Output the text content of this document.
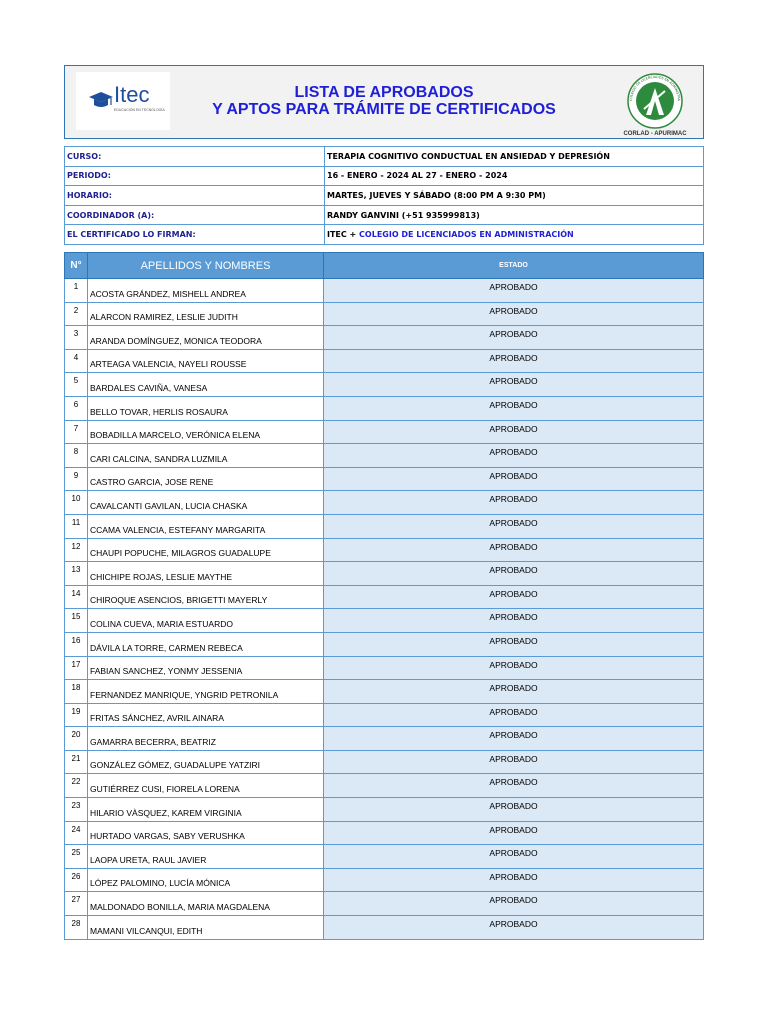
Itec
EDUCACIÓN EN TECNOLOGÍA
LISTA DE APROBADOS
Y APTOS PARA TRÁMITE DE CERTIFICADOS
COLEGIO DE LICENCIADOS EN ADMINISTRA
CORLAD - APURIMAC
CURSO:	TERAPIA COGNITIVO CONDUCTUAL EN ANSIEDAD Y DEPRESIÓN
PERIODO:	16 - ENERO - 2024 AL 27 - ENERO - 2024
HORARIO:	MARTES, JUEVES Y SÁBADO (8:00 PM A 9:30 PM)
COORDINADOR (A):	RANDY GANVINI (+51 935999813)
EL CERTIFICADO LO FIRMAN:	ITEC + COLEGIO DE LICENCIADOS EN ADMINISTRACIÓN
N°	APELLIDOS Y NOMBRES	ESTADO
1	ACOSTA GRÁNDEZ, MISHELL ANDREA	APROBADO
2	ALARCON RAMIREZ, LESLIE JUDITH	APROBADO
3	ARANDA DOMÍNGUEZ, MONICA TEODORA	APROBADO
4	ARTEAGA VALENCIA, NAYELI ROUSSE	APROBADO
5	BARDALES CAVIÑA, VANESA	APROBADO
6	BELLO TOVAR, HERLIS ROSAURA	APROBADO
7	BOBADILLA MARCELO, VERÓNICA ELENA	APROBADO
8	CARI CALCINA, SANDRA LUZMILA	APROBADO
9	CASTRO GARCIA, JOSE RENE	APROBADO
10	CAVALCANTI GAVILAN, LUCIA CHASKA	APROBADO
11	CCAMA VALENCIA, ESTEFANY MARGARITA	APROBADO
12	CHAUPI POPUCHE, MILAGROS GUADALUPE	APROBADO
13	CHICHIPE ROJAS, LESLIE MAYTHE	APROBADO
14	CHIROQUE ASENCIOS, BRIGETTI MAYERLY	APROBADO
15	COLINA CUEVA, MARIA ESTUARDO	APROBADO
16	DÁVILA LA TORRE, CARMEN REBECA	APROBADO
17	FABIAN SANCHEZ, YONMY JESSENIA	APROBADO
18	FERNANDEZ MANRIQUE, YNGRID PETRONILA	APROBADO
19	FRITAS SÁNCHEZ, AVRIL AINARA	APROBADO
20	GAMARRA BECERRA, BEATRIZ	APROBADO
21	GONZÁLEZ GÓMEZ, GUADALUPE YATZIRI	APROBADO
22	GUTIÉRREZ CUSI, FIORELA LORENA	APROBADO
23	HILARIO VÀSQUEZ, KAREM VIRGINIA	APROBADO
24	HURTADO VARGAS, SABY VERUSHKA	APROBADO
25	LAOPA URETA, RAUL JAVIER	APROBADO
26	LÓPEZ PALOMINO, LUCÍA MÓNICA	APROBADO
27	MALDONADO BONILLA, MARIA MAGDALENA	APROBADO
28	MAMANI VILCANQUI, EDITH	APROBADO
